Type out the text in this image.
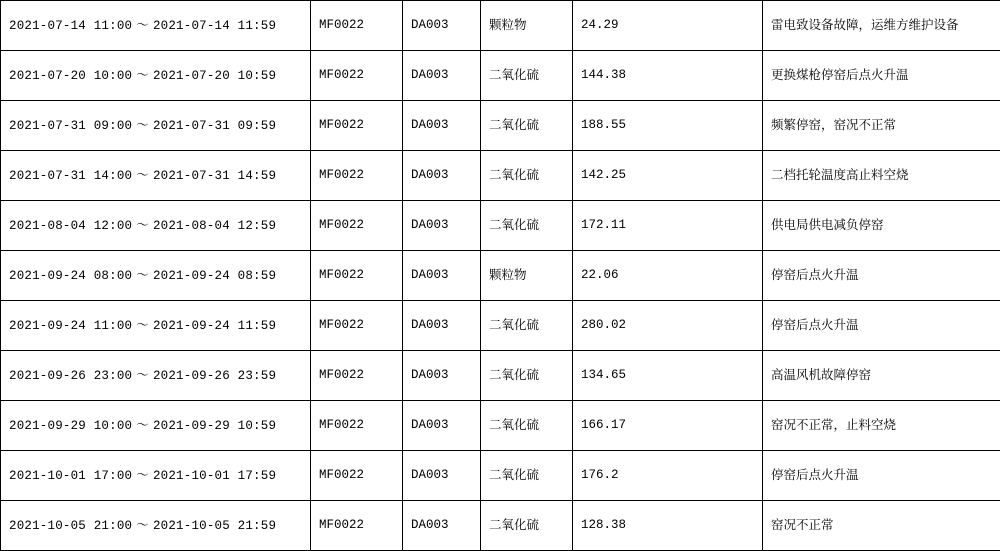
2021-07-14 11:00 ～ 2021-07-14 11:59	MF0022	DA003	颗粒物	24.29	雷电致设备故障，运维方维护设备
2021-07-20 10:00 ～ 2021-07-20 10:59	MF0022	DA003	二氧化硫	144.38	更换煤枪停窑后点火升温
2021-07-31 09:00 ～ 2021-07-31 09:59	MF0022	DA003	二氧化硫	188.55	频繁停窑，窑况不正常
2021-07-31 14:00 ～ 2021-07-31 14:59	MF0022	DA003	二氧化硫	142.25	二档托轮温度高止料空烧
2021-08-04 12:00 ～ 2021-08-04 12:59	MF0022	DA003	二氧化硫	172.11	供电局供电减负停窑
2021-09-24 08:00 ～ 2021-09-24 08:59	MF0022	DA003	颗粒物	22.06	停窑后点火升温
2021-09-24 11:00 ～ 2021-09-24 11:59	MF0022	DA003	二氧化硫	280.02	停窑后点火升温
2021-09-26 23:00 ～ 2021-09-26 23:59	MF0022	DA003	二氧化硫	134.65	高温风机故障停窑
2021-09-29 10:00 ～ 2021-09-29 10:59	MF0022	DA003	二氧化硫	166.17	窑况不正常，止料空烧
2021-10-01 17:00 ～ 2021-10-01 17:59	MF0022	DA003	二氧化硫	176.2	停窑后点火升温
2021-10-05 21:00 ～ 2021-10-05 21:59	MF0022	DA003	二氧化硫	128.38	窑况不正常
